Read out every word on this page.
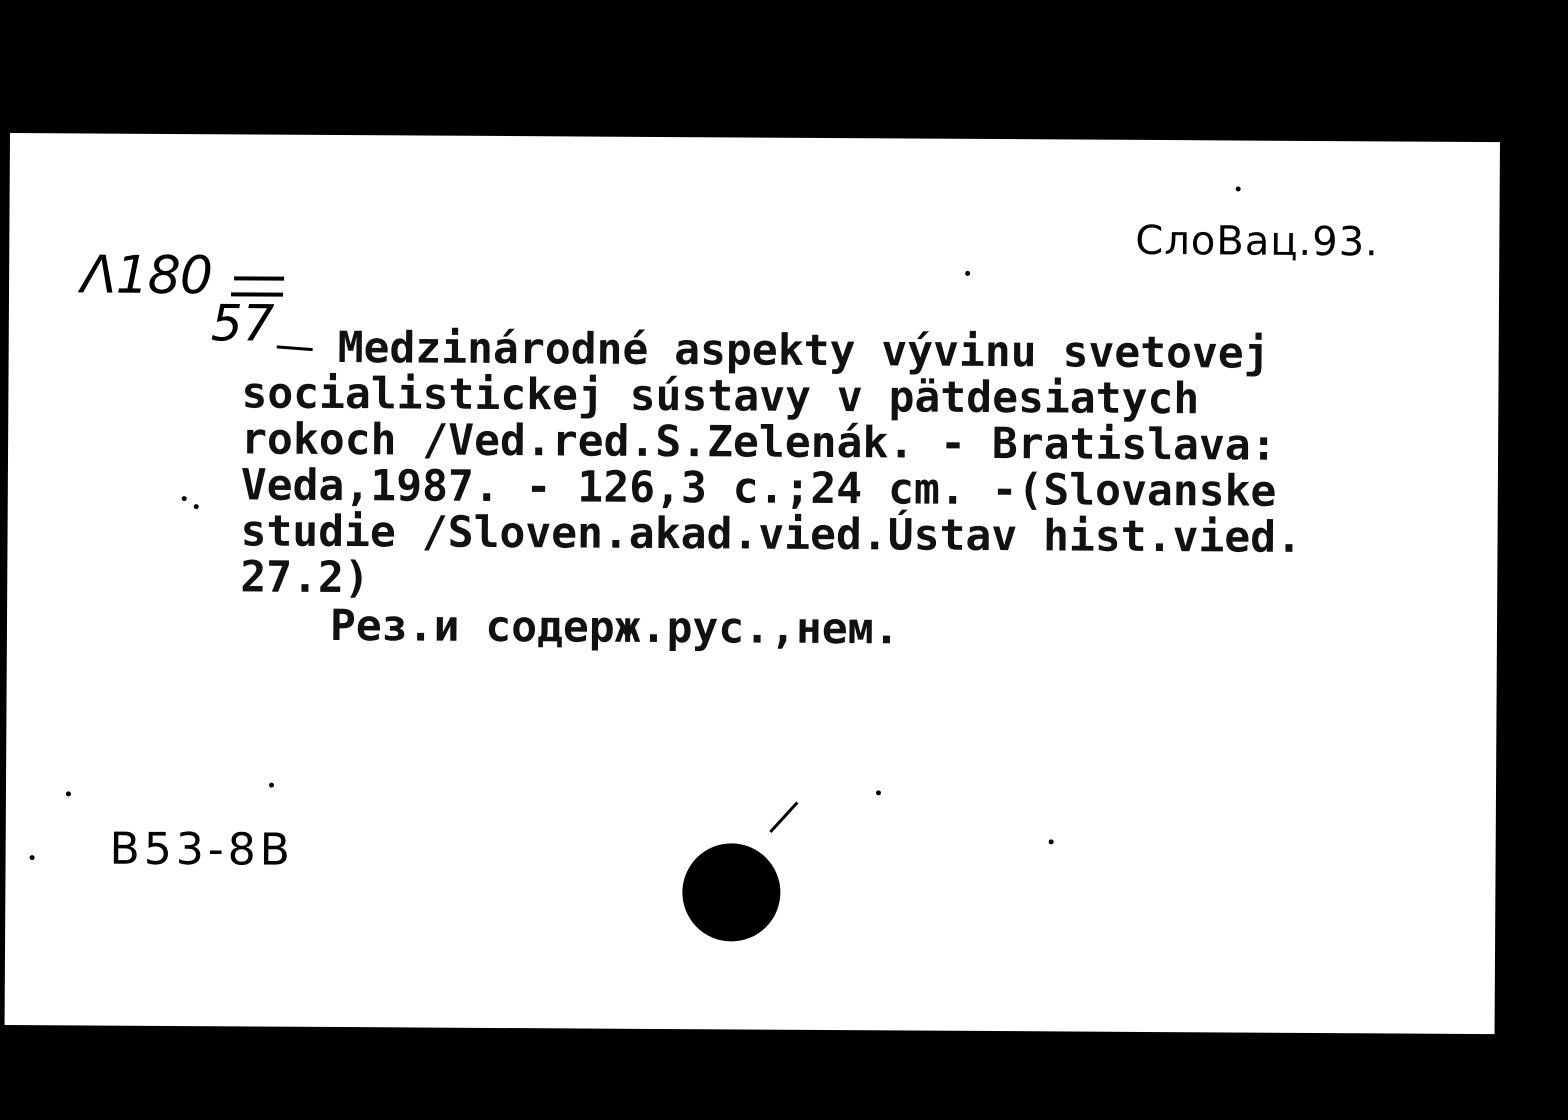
Λ180
57
СлоВац.93.
Medzinárodné aspekty vývinu svetovej
socialistickej sústavy v pätdesiatych
rokoch /Ved.red.S.Zelenák. - Bratislava:
Veda,1987. - 126,3 c.;24 cm. -(Slovanske
studie /Sloven.akad.vied.Ústav hist.vied.
27.2)
Рез.и содерж.рус.,нем.
B53-8B
